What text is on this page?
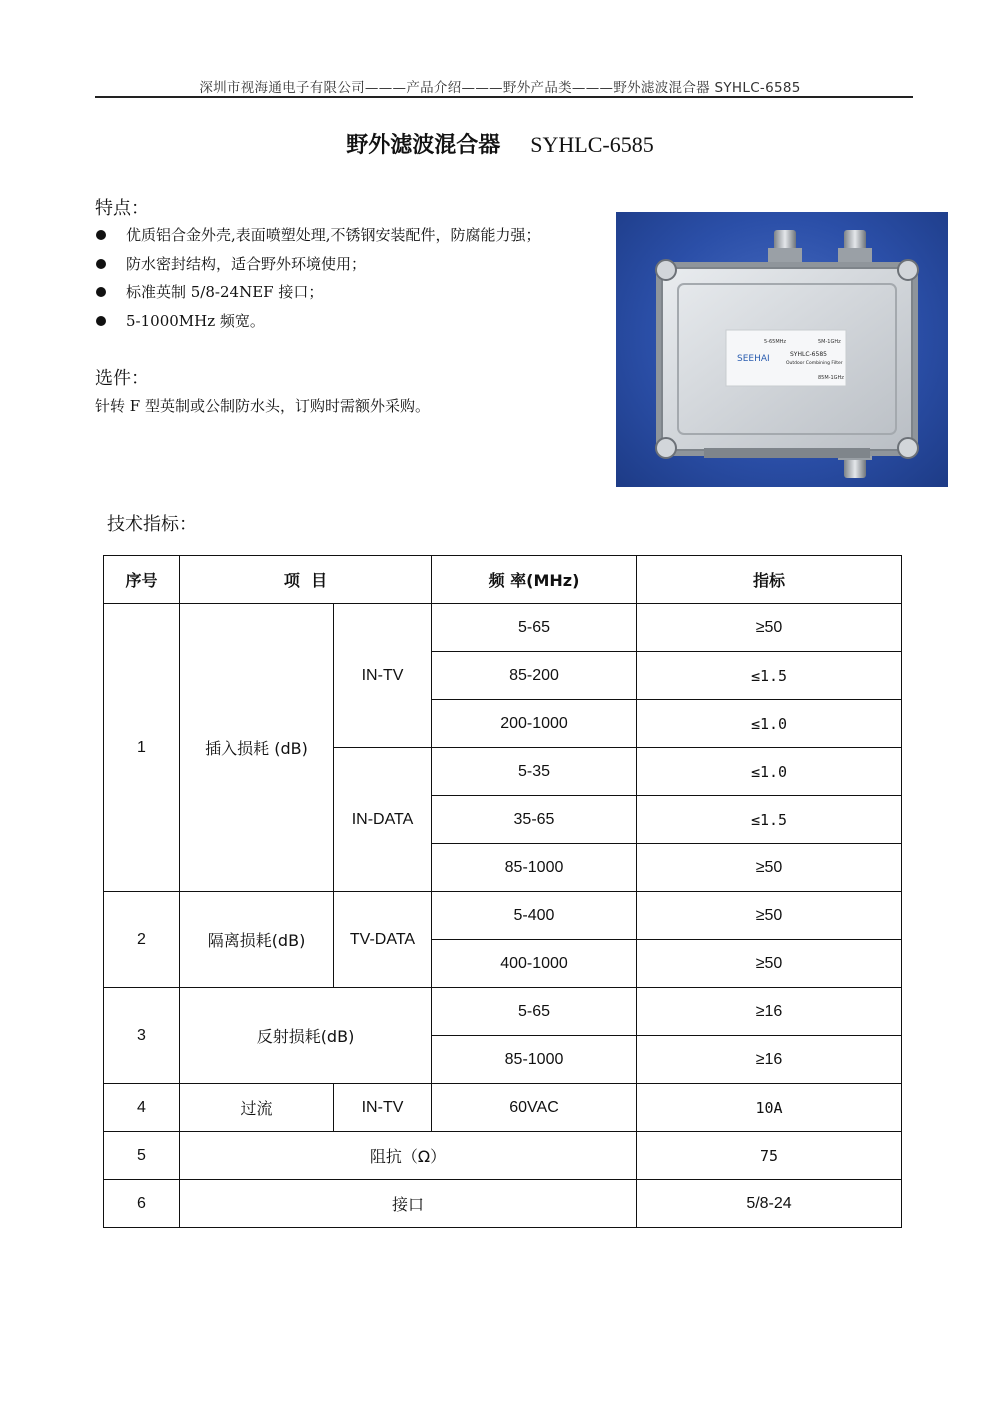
深圳市视海通电子有限公司———产品介绍———野外产品类———野外滤波混合器 SYHLC-6585
野外滤波混合器 SYHLC-6585
特点：
优质铝合金外壳,表面喷塑处理,不锈钢安装配件，防腐能力强；
防水密封结构，适合野外环境使用；
标准英制 5/8-24NEF 接口；
5-1000MHz 频宽。
选件：
针转 F 型英制或公制防水头，订购时需额外采购。
5-65MHz	5M-1GHz
SEEHAI	SYHLC-6585
Outdoor Combining Filter
85M-1GHz
技术指标：
序号	项  目		频 率(MHz)	指标
1	插入损耗 (dB)	IN-TV	5-65	≥50
			85-200	≤1.5
			200-1000	≤1.0
		IN-DATA	5-35	≤1.0
			35-65	≤1.5
			85-1000	≥50
2	隔离损耗(dB)	TV-DATA	5-400	≥50
			400-1000	≥50
3	反射损耗(dB)		5-65	≥16
			85-1000	≥16
4	过流	IN-TV	60VAC	10A
5	阻抗（Ω）			75
6	接口			5/8-24
